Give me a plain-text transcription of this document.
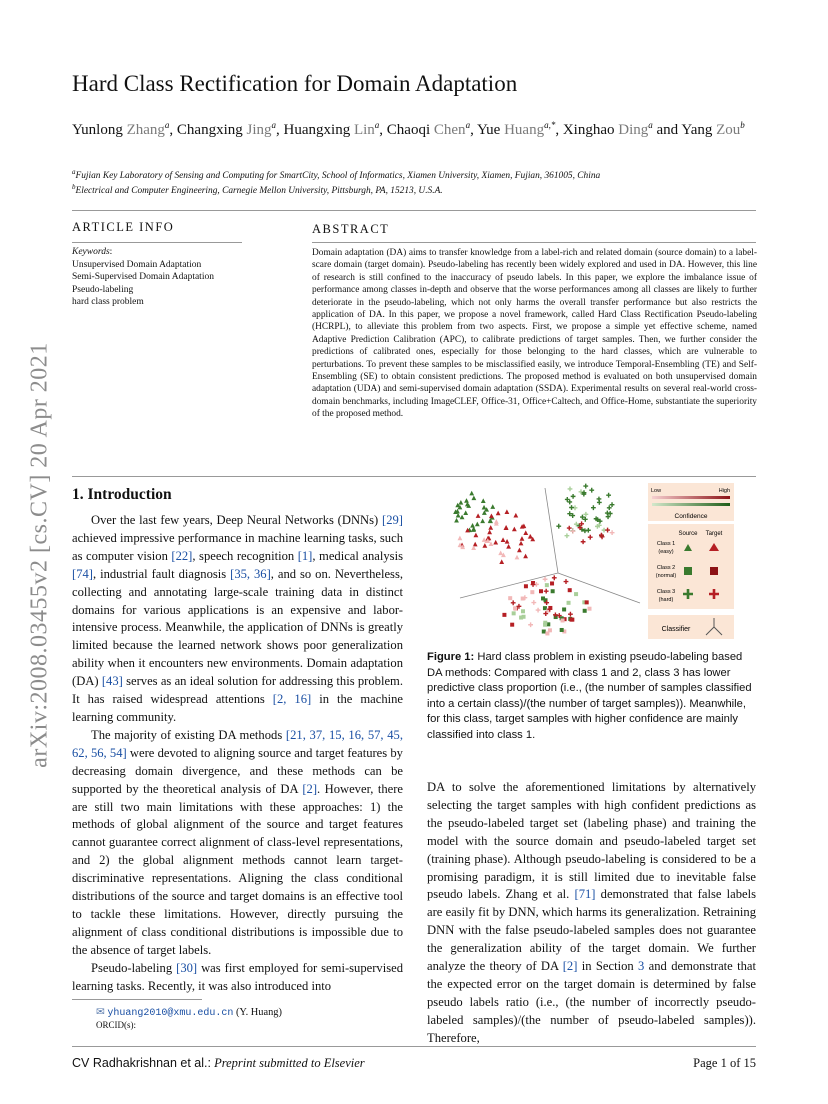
arXiv:2008.03455v2 [cs.CV] 20 Apr 2021
Hard Class Rectification for Domain Adaptation
Yunlong Zhang$^a$, Changxing Jing$^a$, Huangxing Lin$^a$, Chaoqi Chen$^a$, Yue Huang$^{a,*}$, Xinghao Ding$^a$ and Yang Zou$^b$
$^a$Fujian Key Laboratory of Sensing and Computing for SmartCity, School of Informatics, Xiamen University, Xiamen, Fujian, 361005, China
$^b$Electrical and Computer Engineering, Carnegie Mellon University, Pittsburgh, PA, 15213, U.S.A.
ARTICLE INFO
Keywords:
Unsupervised Domain Adaptation
Semi-Supervised Domain Adaptation
Pseudo-labeling
hard class problem
ABSTRACT
Domain adaptation (DA) aims to transfer knowledge from a label-rich and related domain (source domain) to a label-scare domain (target domain). Pseudo-labeling has recently been widely explored and used in DA. However, this line of research is still confined to the inaccuracy of pseudo labels. In this paper, we explore the imbalance issue of performance among classes in-depth and observe that the worse performances among all classes are likely to further deteriorate in the pseudo-labeling, which not only harms the overall transfer performance but also restricts the application of DA. In this paper, we propose a novel framework, called Hard Class Rectification Pseudo-labeling (HCRPL), to alleviate this problem from two aspects. First, we propose a simple yet effective scheme, named Adaptive Prediction Calibration (APC), to calibrate predictions of target samples. Then, we further consider the predictions of calibrated ones, especially for those belonging to the hard classes, which are vulnerable to perturbations. To prevent these samples to be misclassified easily, we introduce Temporal-Ensembling (TE) and Self-Ensembling (SE) to obtain consistent predictions. The proposed method is evaluated on both unsupervised domain adaptation (UDA) and semi-supervised domain adaptation (SSDA). Experimental results on several real-world cross-domain benchmarks, including ImageCLEF, Office-31, Office+Caltech, and Office-Home, substantiate the superiority of the proposed method.
1. Introduction

Over the last few years, Deep Neural Networks (DNNs) [29] achieved impressive performance in machine learning tasks, such as computer vision [22], speech recognition [1], medical analysis [74], industrial fault diagnosis [35, 36], and so on. Nevertheless, collecting and annotating large-scale training data in distinct domains for various applications is an expensive and labor-intensive process. Meanwhile, the application of DNNs is greatly limited because the learned network shows poor generalization ability when it encounters new environments. Domain adaptation (DA) [43] serves as an ideal solution for addressing this problem. It has raised widespread attentions [2, 16] in the machine learning community.

The majority of existing DA methods [21, 37, 15, 16, 57, 45, 62, 56, 54] were devoted to aligning source and target features by decreasing domain divergence, and these methods can be supported by the theoretical analysis of DA [2]. However, there are still two main limitations with these approaches: 1) the methods of global alignment of the source and target features cannot guarantee correct alignment of class-level representations, and 2) the global alignment methods cannot learn target-discriminative representations. Aligning the class conditional distributions of the source and target domains is an effective tool to tackle these limitations. However, directly pursuing the alignment of class conditional distributions is impossible due to the absence of target labels.

Pseudo-labeling [30] was first employed for semi-supervised learning tasks. Recently, it was also introduced into

Low	High
Confidence
Source Target
Class 1
(easy)
Class 2
(normal)
Class 3
(hard)
Classifier
Figure 1: Hard class problem in existing pseudo-labeling based DA methods: Compared with class 1 and 2, class 3 has lower predictive class proportion (i.e., (the number of samples classified into a certain class)/(the number of target samples)). Meanwhile, for this class, target samples with higher confidence are mainly classified into class 1.

DA to solve the aforementioned limitations by alternatively selecting the target samples with high confident predictions as the pseudo-labeled target set (labeling phase) and training the model with the source domain and pseudo-labeled target set (training phase). Although pseudo-labeling is considered to be a promising paradigm, it is still limited due to inevitable false pseudo labels. Zhang et al. [71] demonstrated that false labels are easily fit by DNN, which harms its generalization. Retraining DNN with the false pseudo-labeled samples does not guarantee the generalization ability of the target domain. We further analyze the theory of DA [2] in Section 3 and demonstrate that the expected error on the target domain is determined by false pseudo labels ratio (i.e., (the number of incorrectly pseudo-labeled samples)/(the number of pseudo-labeled samples)). Therefore,

✉ yhuang2010@xmu.edu.cn (Y. Huang)
ORCID(s):
CV Radhakrishnan et al.: Preprint submitted to Elsevier	Page 1 of 15
